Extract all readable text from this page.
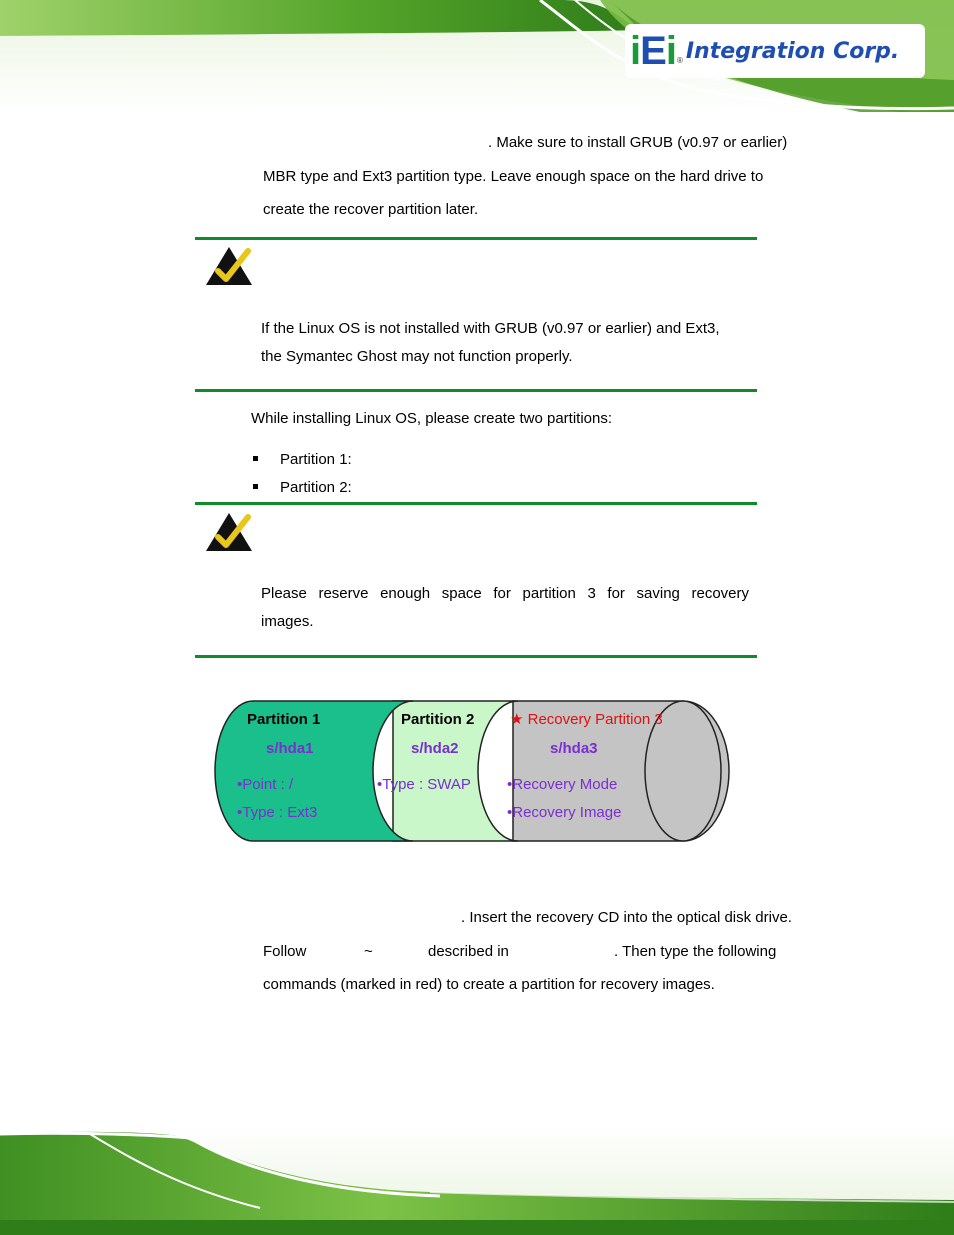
iEi ® Integration Corp.
. Make sure to install GRUB (v0.97 or earlier)
MBR type and Ext3 partition type. Leave enough space on the hard drive to
create the recover partition later.
If the Linux OS is not installed with GRUB (v0.97 or earlier) and Ext3,
the Symantec Ghost may not function properly.
While installing Linux OS, please create two partitions:
Partition 1:
Partition 2:
Please reserve enough space for partition 3 for saving recovery
images.
Partition 1
s/hda1
•Point : /
•Type : Ext3
Partition 2
s/hda2
•Type : SWAP
★ Recovery Partition 3
s/hda3
•Recovery Mode
•Recovery Image
. Insert the recovery CD into the optical disk drive.
Follow	~	described in	. Then type the following
commands (marked in red) to create a partition for recovery images.
